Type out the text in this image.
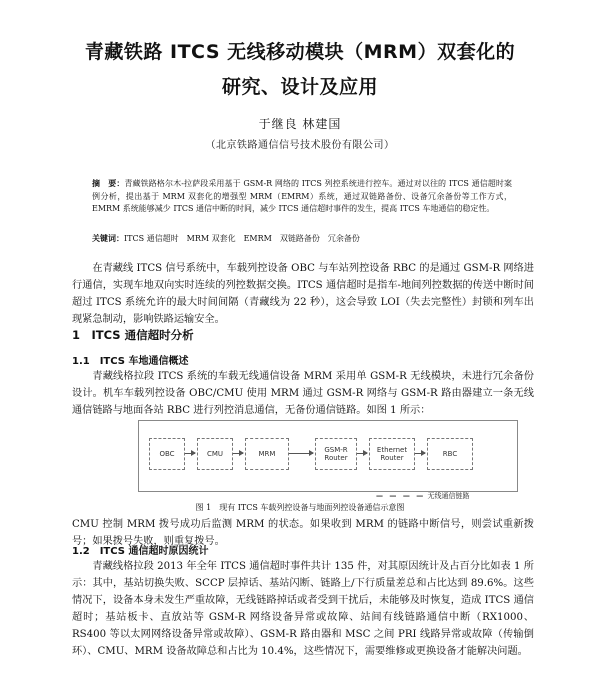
青藏铁路 ITCS 无线移动模块（MRM）双套化的
研究、设计及应用
于继良 林建国
（北京铁路通信信号技术股份有限公司）
摘　要：青藏铁路格尔木-拉萨段采用基于 GSM-R 网络的 ITCS 列控系统进行控车。通过对以往的 ITCS 通信超时案例分析，提出基于 MRM 双套化的增强型 MRM（EMRM）系统，通过双链路备份、设备冗余备份等工作方式，EMRM 系统能够减少 ITCS 通信中断的时间，减少 ITCS 通信超时事件的发生，提高 ITCS 车地通信的稳定性。
关键词：ITCS 通信超时　MRM 双套化　EMRM　双链路备份　冗余备份
在青藏线 ITCS 信号系统中，车载列控设备 OBC 与车站列控设备 RBC 的是通过 GSM-R 网络进行通信，实现车地双向实时连续的列控数据交换。ITCS 通信超时是指车-地间列控数据的传送中断时间超过 ITCS 系统允许的最大时间间隔（青藏线为 22 秒），这会导致 LOI（失去完整性）封锁和列车出现紧急制动，影响铁路运输安全。
1　ITCS 通信超时分析
1.1　ITCS 车地通信概述
青藏线格拉段 ITCS 系统的车载无线通信设备 MRM 采用单 GSM-R 无线模块，未进行冗余备份设计。机车车载列控设备 OBC/CMU 使用 MRM 通过 GSM-R 网络与 GSM-R 路由器建立一条无线通信链路与地面各站 RBC 进行列控消息通信，无备份通信链路。如图 1 所示：
OBC	CMU	MRM	GSM-R Router
Ethernet Router	RBC
— — — — 无线通信链路
图 1　现有 ITCS 车载列控设备与地面列控设备通信示意图
CMU 控制 MRM 拨号成功后监测 MRM 的状态。如果收到 MRM 的链路中断信号，则尝试重新拨号；如果拨号失败，则重复拨号。
1.2　ITCS 通信超时原因统计
青藏线格拉段 2013 年全年 ITCS 通信超时事件共计 135 件，对其原因统计及占百分比如表 1 所示：其中，基站切换失败、SCCP 层掉话、基站闪断、链路上/下行质量差总和占比达到 89.6%。这些情况下，设备本身未发生严重故障，无线链路掉话或者受到干扰后，未能够及时恢复，造成 ITCS 通信超时；基站板卡、直放站等 GSM-R 网络设备异常或故障、站间有线链路通信中断（RX1000、RS400 等以太网网络设备异常或故障）、GSM-R 路由器和 MSC 之间 PRI 线路异常或故障（传输倒环）、CMU、MRM 设备故障总和占比为 10.4%，这些情况下，需要维修或更换设备才能解决问题。
